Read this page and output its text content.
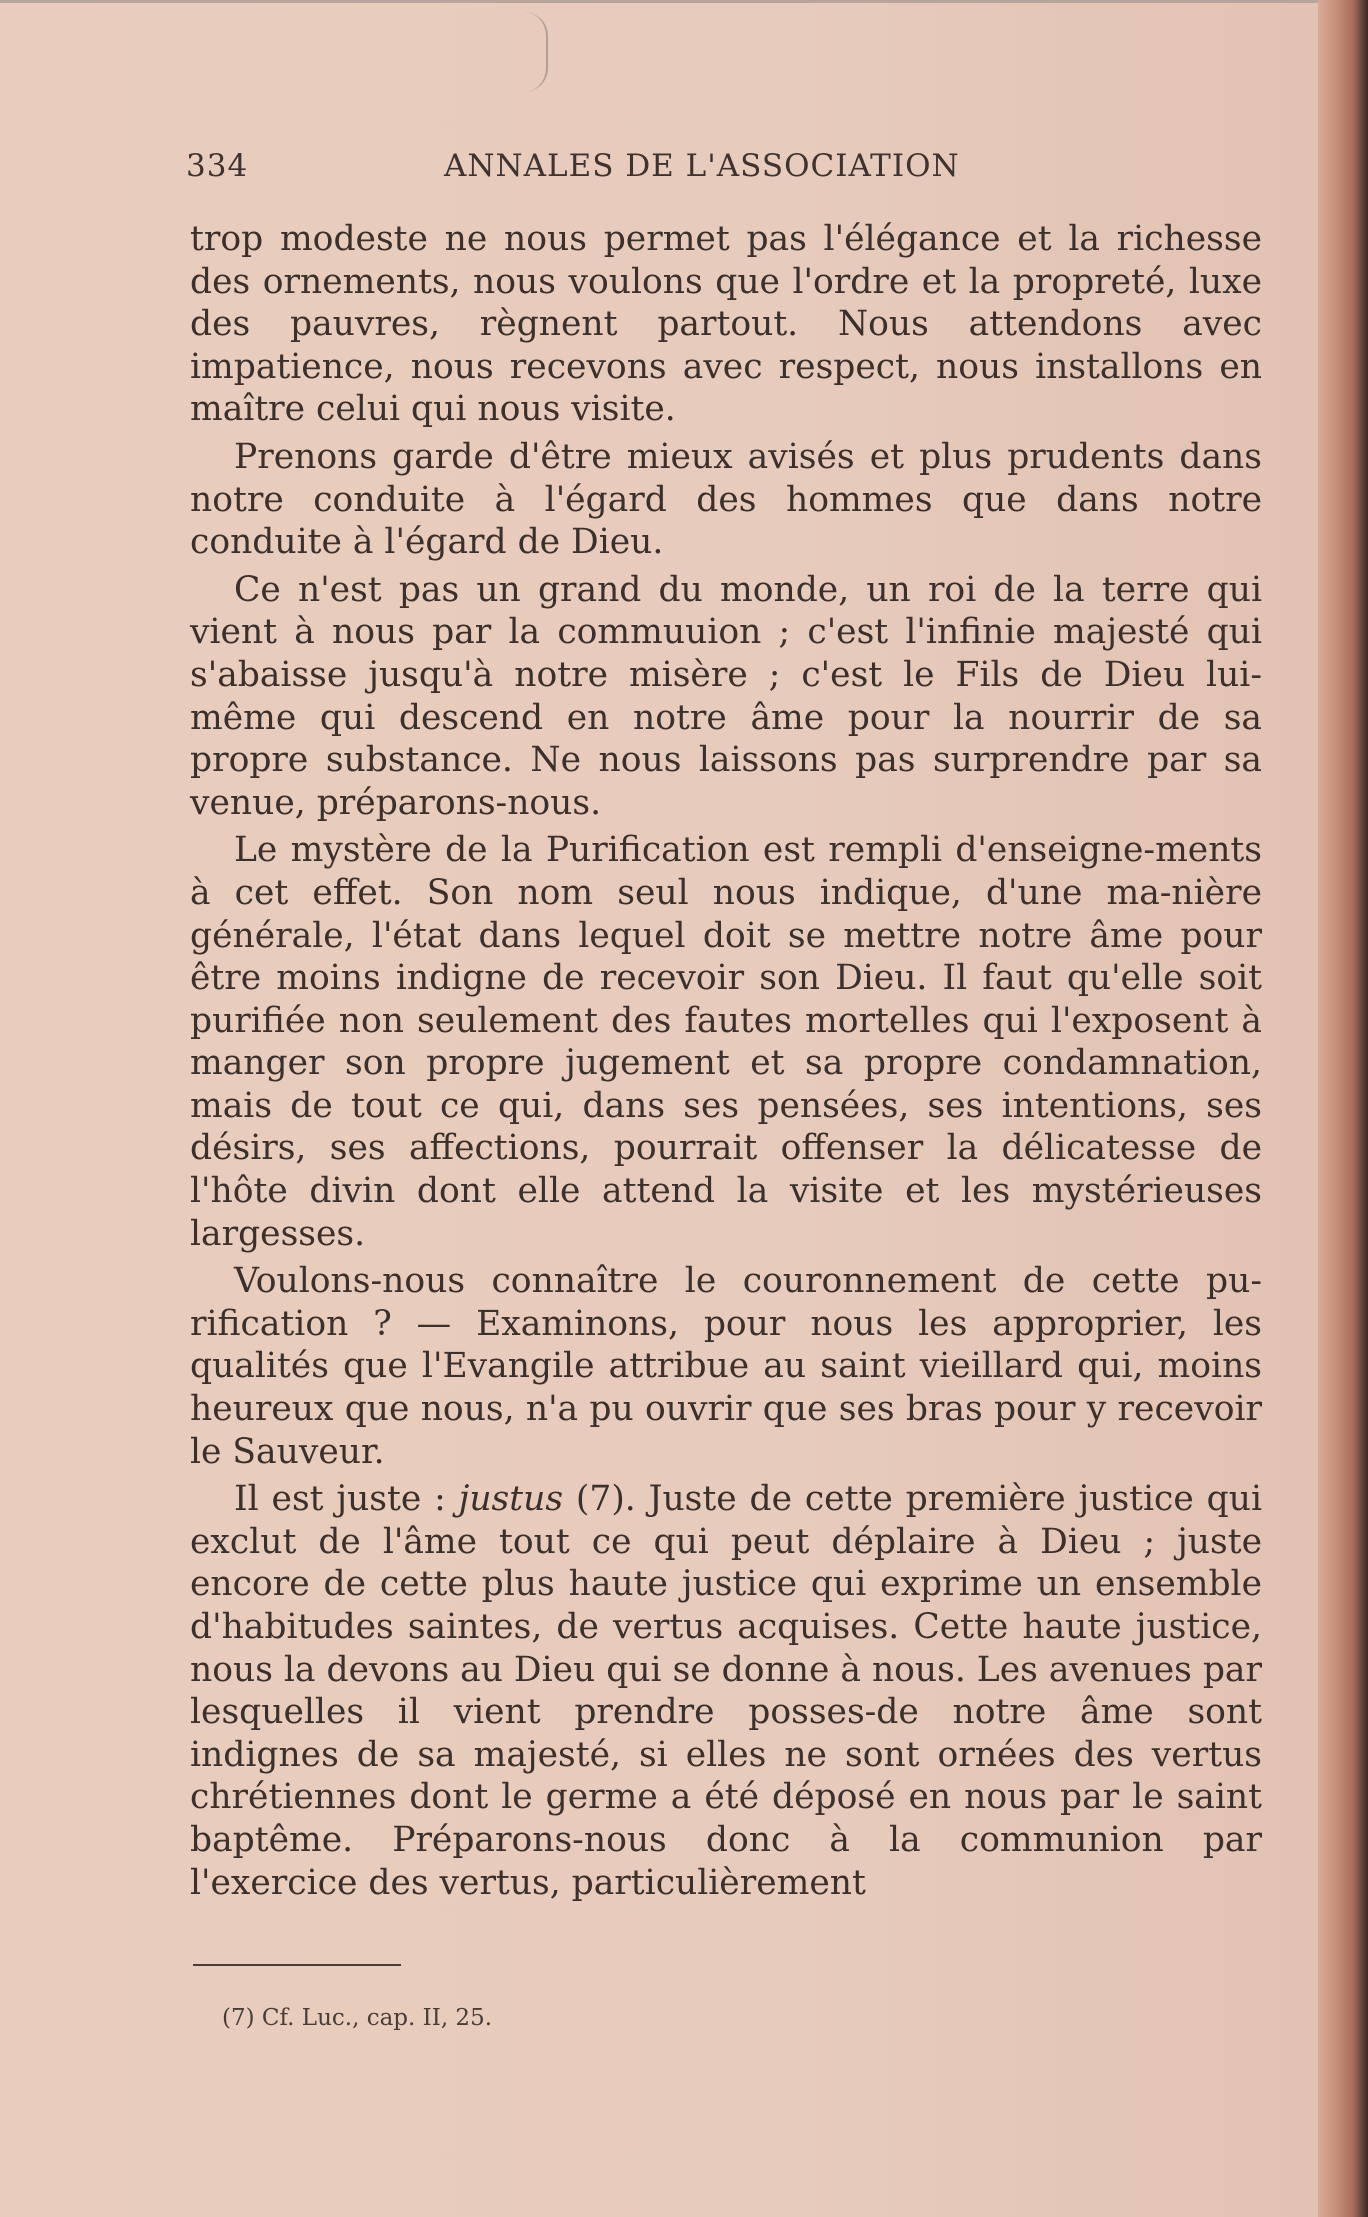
334	ANNALES DE L'ASSOCIATION

trop modeste ne nous permet pas l'élégance et la richesse des ornements, nous voulons que l'ordre et la propreté, luxe des pauvres, règnent partout. Nous attendons avec impatience, nous recevons avec respect, nous installons en maître celui qui nous visite.

Prenons garde d'être mieux avisés et plus prudents dans notre conduite à l'égard des hommes que dans notre conduite à l'égard de Dieu.

Ce n'est pas un grand du monde, un roi de la terre qui vient à nous par la commuuion ; c'est l'infinie majesté qui s'abaisse jusqu'à notre misère ; c'est le Fils de Dieu lui-même qui descend en notre âme pour la nourrir de sa propre substance. Ne nous laissons pas surprendre par sa venue, préparons-nous.

Le mystère de la Purification est rempli d'enseigne-ments à cet effet. Son nom seul nous indique, d'une ma-nière générale, l'état dans lequel doit se mettre notre âme pour être moins indigne de recevoir son Dieu. Il faut qu'elle soit purifiée non seulement des fautes mortelles qui l'exposent à manger son propre jugement et sa propre condamnation, mais de tout ce qui, dans ses pensées, ses intentions, ses désirs, ses affections, pourrait offenser la délicatesse de l'hôte divin dont elle attend la visite et les mystérieuses largesses.

Voulons-nous connaître le couronnement de cette pu-rification ? — Examinons, pour nous les approprier, les qualités que l'Evangile attribue au saint vieillard qui, moins heureux que nous, n'a pu ouvrir que ses bras pour y recevoir le Sauveur.

Il est juste : justus (7). Juste de cette première justice qui exclut de l'âme tout ce qui peut déplaire à Dieu ; juste encore de cette plus haute justice qui exprime un ensemble d'habitudes saintes, de vertus acquises. Cette haute justice, nous la devons au Dieu qui se donne à nous. Les avenues par lesquelles il vient prendre posses-de notre âme sont indignes de sa majesté, si elles ne sont ornées des vertus chrétiennes dont le germe a été déposé en nous par le saint baptême. Préparons-nous donc à la communion par l'exercice des vertus, particulièrement

(7) Cf. Luc., cap. II, 25.
